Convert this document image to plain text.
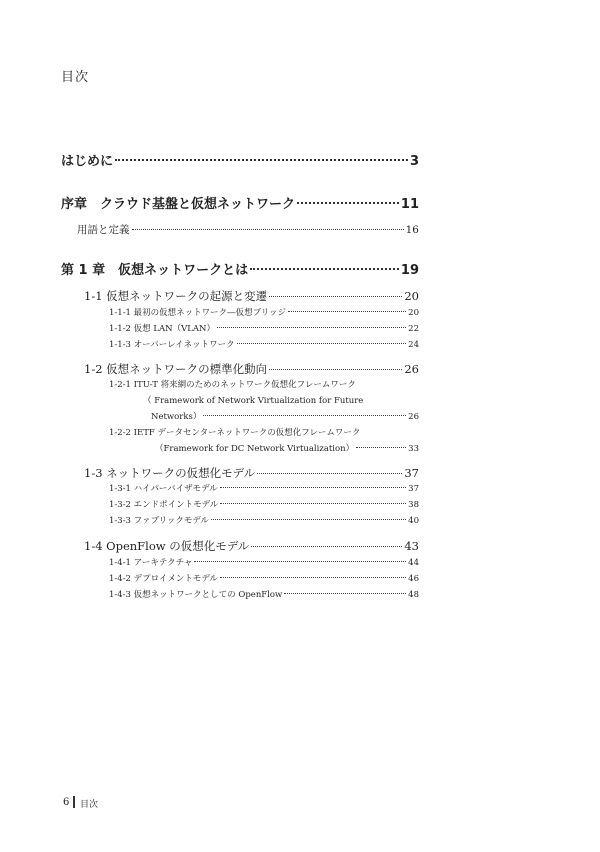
目次
はじめに	3
序章　クラウド基盤と仮想ネットワーク	11
用語と定義	16
第 1 章　仮想ネットワークとは	19
1-1 仮想ネットワークの起源と変遷	20
1-1-1 最初の仮想ネットワーク―仮想ブリッジ	20
1-1-2 仮想 LAN（VLAN）	22
1-1-3 オーバーレイネットワーク	24
1-2 仮想ネットワークの標準化動向	26
1-2-1 ITU-T 将来網のためのネットワーク仮想化フレームワーク
（ Framework of Network Virtualization for Future
Networks）	26
1-2-2 IETF データセンターネットワークの仮想化フレームワーク
（Framework for DC Network Virtualization）	33
1-3 ネットワークの仮想化モデル	37
1-3-1 ハイパーバイザモデル	37
1-3-2 エンドポイントモデル	38
1-3-3 ファブリックモデル	40
1-4 OpenFlow の仮想化モデル	43
1-4-1 アーキテクチャ	44
1-4-2 デプロイメントモデル	46
1-4-3 仮想ネットワークとしての OpenFlow	48
6 目次
